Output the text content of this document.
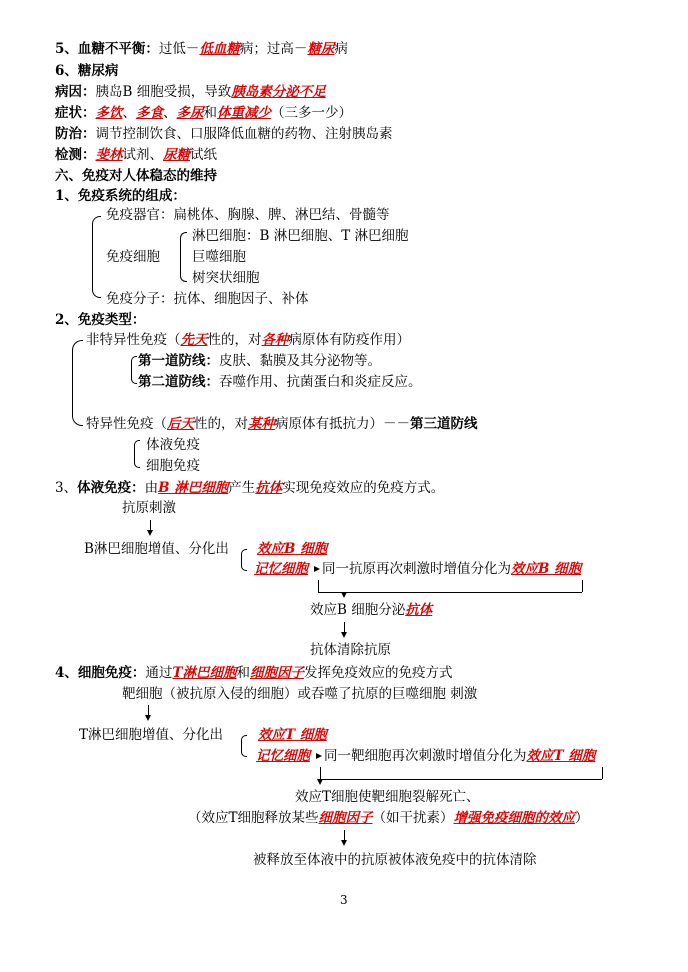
5、血糖不平衡：过低－低血糖病；过高－糖尿病
6、糖尿病
病因：胰岛B 细胞受损，导致胰岛素分泌不足
症状：多饮、多食、多尿和体重减少（三多一少）
防治：调节控制饮食、口服降低血糖的药物、注射胰岛素
检测：斐林试剂、尿糖试纸
六、免疫对人体稳态的维持
1、免疫系统的组成：
免疫器官：扁桃体、胸腺、脾、淋巴结、骨髓等
免疫细胞
淋巴细胞：B 淋巴细胞、T 淋巴细胞
巨噬细胞
树突状细胞
免疫分子：抗体、细胞因子、补体
2、免疫类型：
非特异性免疫（先天性的，对各种病原体有防疫作用）
第一道防线：皮肤、黏膜及其分泌物等。
第二道防线：吞噬作用、抗菌蛋白和炎症反应。
特异性免疫（后天性的，对某种病原体有抵抗力）－－第三道防线
体液免疫
细胞免疫
3、体液免疫：由B 淋巴细胞产生抗体实现免疫效应的免疫方式。
抗原刺激
B淋巴细胞增值、分化出 效应B 细胞
记忆细胞 同一抗原再次刺激时增值分化为效应B 细胞
效应B 细胞分泌抗体
抗体清除抗原
4、细胞免疫：通过T淋巴细胞和细胞因子发挥免疫效应的免疫方式
靶细胞（被抗原入侵的细胞）或吞噬了抗原的巨噬细胞 刺激
T淋巴细胞增值、分化出	效应T 细胞
记忆细胞 同一靶细胞再次刺激时增值分化为效应T 细胞
效应T细胞使靶细胞裂解死亡、
（效应T细胞释放某些细胞因子（如干扰素）增强免疫细胞的效应）
被释放至体液中的抗原被体液免疫中的抗体清除
3
